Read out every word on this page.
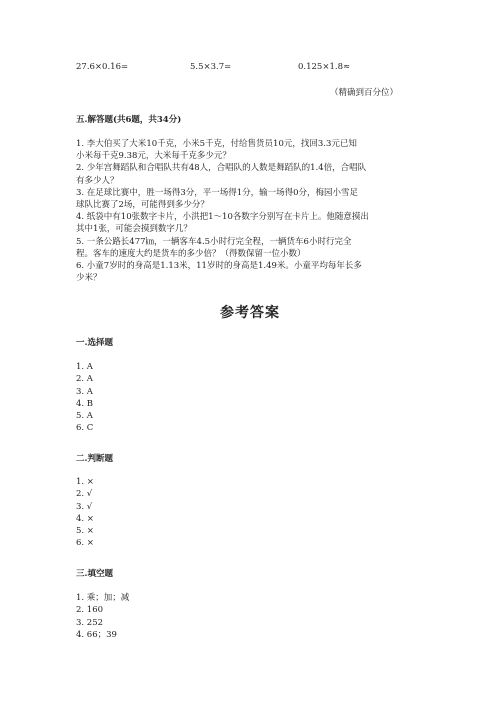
27.6×0.16=	5.5×3.7=	0.125×1.8≈
（精确到百分位）
五.解答题(共6题，共34分)
1. 李大伯买了大米10千克，小米5千克，付给售货员10元，找回3.3元已知
小米每千克9.38元，大米每千克多少元？
2. 少年宫舞蹈队和合唱队共有48人，合唱队的人数是舞蹈队的1.4倍，合唱队
有多少人？
3. 在足球比赛中，胜一场得3分，平一场得1分，输一场得0分，梅园小雪足
球队比赛了2场，可能得到多少分？
4. 纸袋中有10张数字卡片，小洪把1～10各数字分别写在卡片上。他随意摸出
其中1张，可能会摸到数字几？
5. 一条公路长477㎞，一辆客车4.5小时行完全程，一辆货车6小时行完全
程。客车的速度大约是货车的多少倍？（得数保留一位小数）
6. 小童7岁时的身高是1.13米，11岁时的身高是1.49米。小童平均每年长多
少米？
参考答案
一.选择题
1. A
2. A
3. A
4. B
5. A
6. C
二.判断题
1. ×
2. √
3. √
4. ×
5. ×
6. ×
三.填空题
1. 乘；加；减
2. 160
3. 252
4. 66；39
